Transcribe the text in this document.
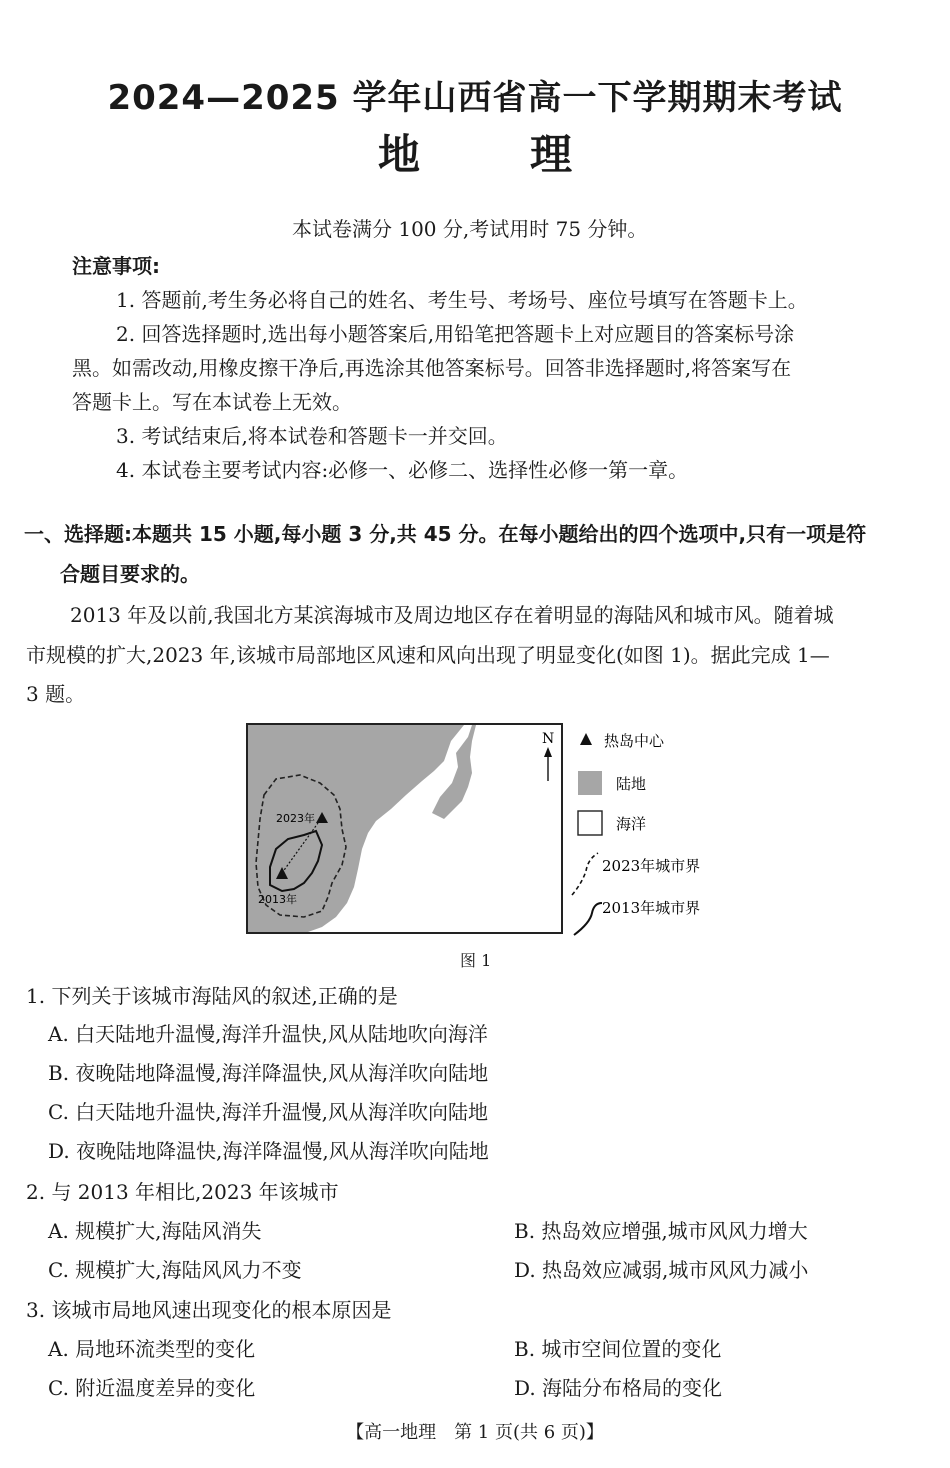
2024—2025 学年山西省高一下学期期末考试
地	理
本试卷满分 100 分,考试用时 75 分钟。
注意事项:
1. 答题前,考生务必将自己的姓名、考生号、考场号、座位号填写在答题卡上。
2. 回答选择题时,选出每小题答案后,用铅笔把答题卡上对应题目的答案标号涂
黑。如需改动,用橡皮擦干净后,再选涂其他答案标号。回答非选择题时,将答案写在
答题卡上。写在本试卷上无效。
3. 考试结束后,将本试卷和答题卡一并交回。
4. 本试卷主要考试内容:必修一、必修二、选择性必修一第一章。
一、选择题:本题共 15 小题,每小题 3 分,共 45 分。在每小题给出的四个选项中,只有一项是符
合题目要求的。
2013 年及以前,我国北方某滨海城市及周边地区存在着明显的海陆风和城市风。随着城
市规模的扩大,2023 年,该城市局部地区风速和风向出现了明显变化(如图 1)。据此完成 1—
3 题。
2023年
2013年
N	热岛中心
陆地
海洋
2023年城市界
2013年城市界
图 1
1. 下列关于该城市海陆风的叙述,正确的是
A. 白天陆地升温慢,海洋升温快,风从陆地吹向海洋
B. 夜晚陆地降温慢,海洋降温快,风从海洋吹向陆地
C. 白天陆地升温快,海洋升温慢,风从海洋吹向陆地
D. 夜晚陆地降温快,海洋降温慢,风从海洋吹向陆地
2. 与 2013 年相比,2023 年该城市
A. 规模扩大,海陆风消失	B. 热岛效应增强,城市风风力增大
C. 规模扩大,海陆风风力不变	D. 热岛效应减弱,城市风风力减小
3. 该城市局地风速出现变化的根本原因是
A. 局地环流类型的变化	B. 城市空间位置的变化
C. 附近温度差异的变化	D. 海陆分布格局的变化
【高一地理　第 1 页(共 6 页)】
